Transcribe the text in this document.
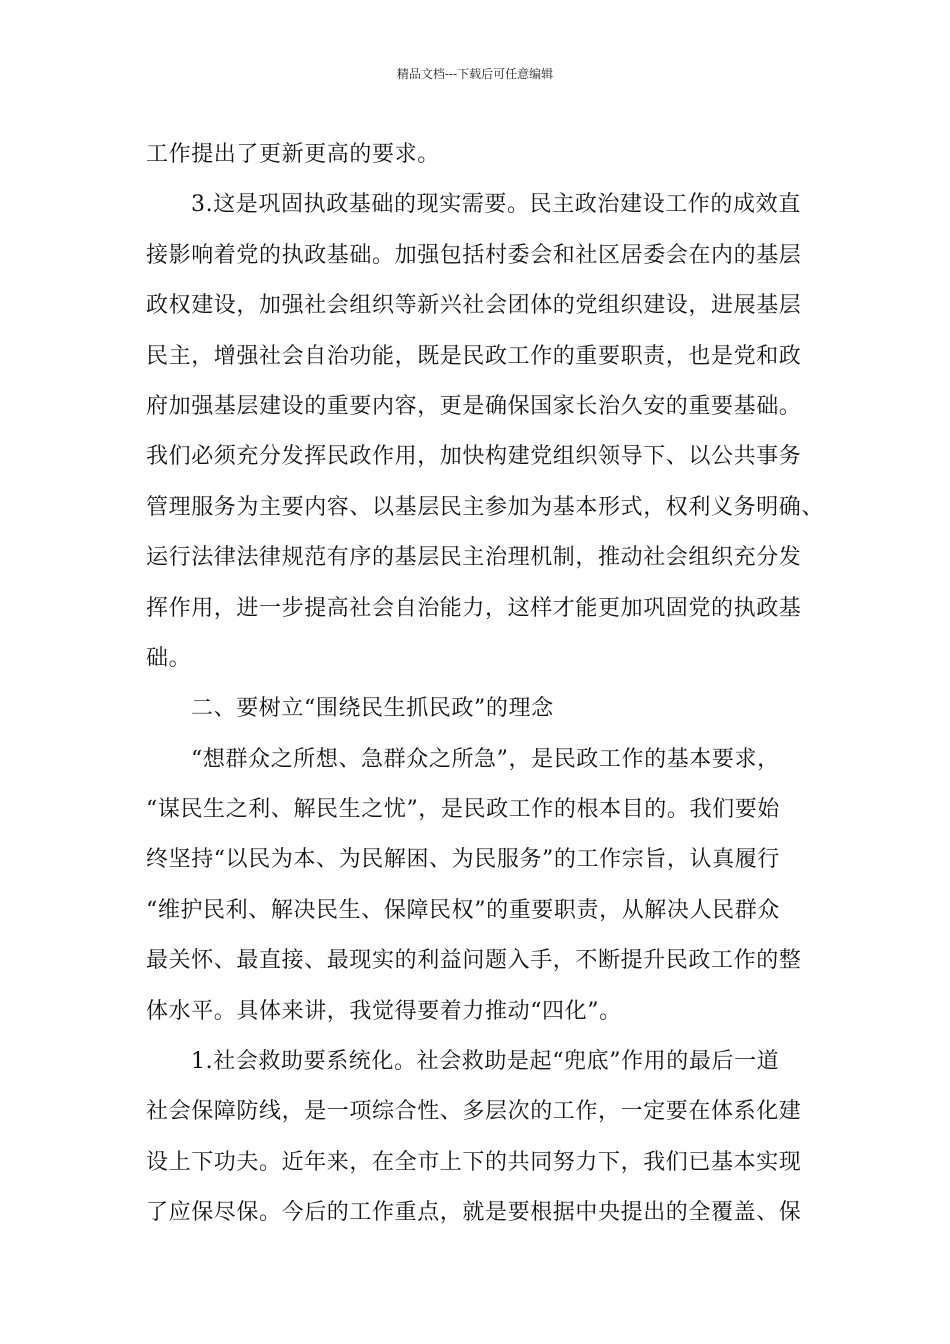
精品文档---下载后可任意编辑
工作提出了更新更高的要求。
3.这是巩固执政基础的现实需要。民主政治建设工作的成效直
接影响着党的执政基础。加强包括村委会和社区居委会在内的基层
政权建设，加强社会组织等新兴社会团体的党组织建设，进展基层
民主，增强社会自治功能，既是民政工作的重要职责，也是党和政
府加强基层建设的重要内容，更是确保国家长治久安的重要基础。
我们必须充分发挥民政作用，加快构建党组织领导下、以公共事务
管理服务为主要内容、以基层民主参加为基本形式，权利义务明确、
运行法律法律规范有序的基层民主治理机制，推动社会组织充分发
挥作用，进一步提高社会自治能力，这样才能更加巩固党的执政基
础。
二、要树立“围绕民生抓民政”的理念
“想群众之所想、急群众之所急”，是民政工作的基本要求，
“谋民生之利、解民生之忧”，是民政工作的根本目的。我们要始
终坚持“以民为本、为民解困、为民服务”的工作宗旨，认真履行
“维护民利、解决民生、保障民权”的重要职责，从解决人民群众
最关怀、最直接、最现实的利益问题入手，不断提升民政工作的整
体水平。具体来讲，我觉得要着力推动“四化”。
1.社会救助要系统化。社会救助是起“兜底”作用的最后一道
社会保障防线，是一项综合性、多层次的工作，一定要在体系化建
设上下功夫。近年来，在全市上下的共同努力下，我们已基本实现
了应保尽保。今后的工作重点，就是要根据中央提出的全覆盖、保
